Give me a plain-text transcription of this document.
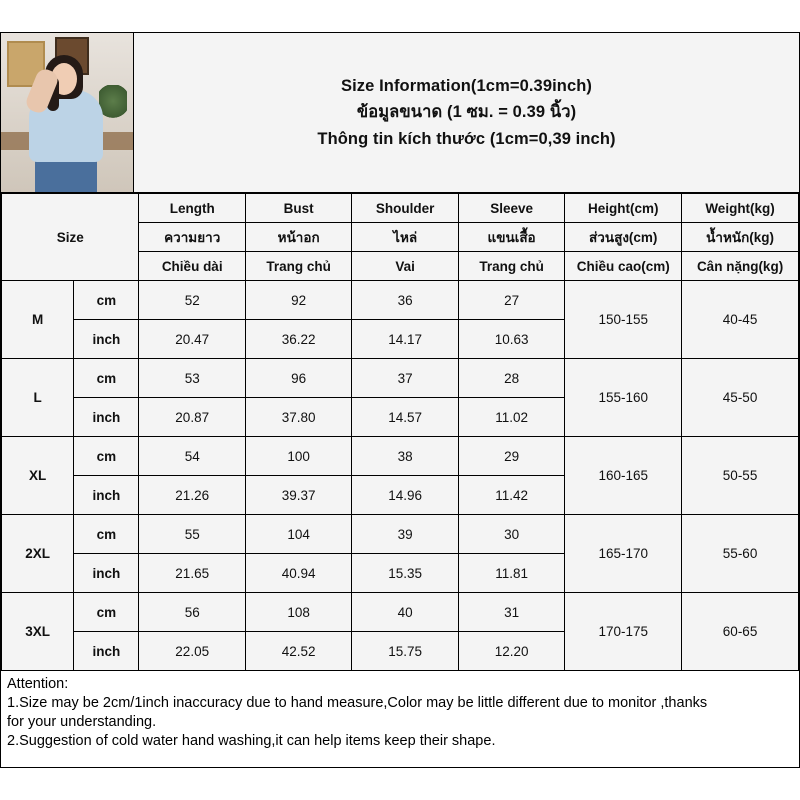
Size Information(1cm=0.39inch)
ข้อมูลขนาด (1 ซม. = 0.39 นิ้ว)
Thông tin kích thước (1cm=0,39 inch)
Size		Length	Bust	Shoulder	Sleeve	Height(cm)	Weight(kg)
		ความยาว	หน้าอก	ไหล่	แขนเสื้อ	ส่วนสูง(cm)	น้ำหนัก(kg)
		Chiều dài	Trang chủ	Vai	Trang chủ	Chiều cao(cm)	Cân nặng(kg)
M	cm	52	92	36	27	150-155	40-45
	inch	20.47	36.22	14.17	10.63		
L	cm	53	96	37	28	155-160	45-50
	inch	20.87	37.80	14.57	11.02		
XL	cm	54	100	38	29	160-165	50-55
	inch	21.26	39.37	14.96	11.42		
2XL	cm	55	104	39	30	165-170	55-60
	inch	21.65	40.94	15.35	11.81		
3XL	cm	56	108	40	31	170-175	60-65
	inch	22.05	42.52	15.75	12.20		

Attention:

1.Size may be 2cm/1inch inaccuracy due to hand measure,Color may be little different due to monitor ,thanks

for your understanding.

2.Suggestion of cold water hand washing,it can help items keep their shape.
